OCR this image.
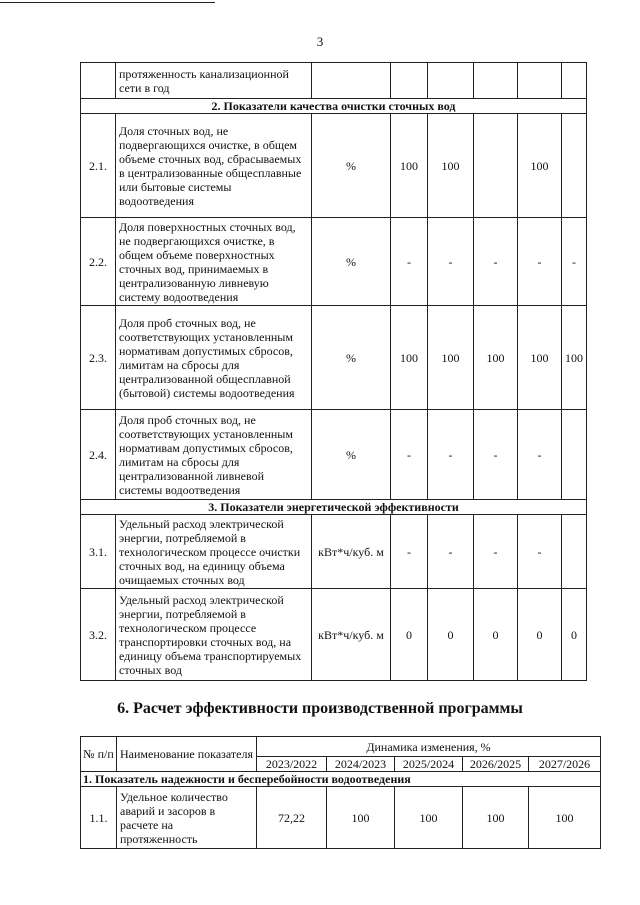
3
	протяженность канализационной сети в год						
2. Показатели качества очистки сточных вод							
2.1.	Доля сточных вод, не подвергающихся очистке, в общем объеме сточных вод, сбрасываемых в централизованные общесплавные или бытовые системы водоотведения	%	100	100		100	
2.2.	Доля поверхностных сточных вод, не подвергающихся очистке, в общем объеме поверхностных сточных вод, принимаемых в централизованную ливневую систему водоотведения	%	-	-	-	-	-
2.3.	Доля проб сточных вод, не соответствующих установленным нормативам допустимых сбросов, лимитам на сбросы для централизованной общесплавной (бытовой) системы водоотведения	%	100	100	100	100	100
2.4.	Доля проб сточных вод, не соответствующих установленным нормативам допустимых сбросов, лимитам на сбросы для централизованной ливневой системы водоотведения	%	-	-	-	-	
3. Показатели энергетической эффективности							
3.1.	Удельный расход электрической энергии, потребляемой в технологическом процессе очистки сточных вод, на единицу объема очищаемых сточных вод	кВт*ч/куб. м	-	-	-	-	
3.2.	Удельный расход электрической энергии, потребляемой в технологическом процессе транспортировки сточных вод, на единицу объема транспортируемых сточных вод	кВт*ч/куб. м	0	0	0	0	0
6. Расчет эффективности производственной программы
№ п/п	Наименование показателя	Динамика изменения, %				
		2023/2022	2024/2023	2025/2024	2026/2025	2027/2026
1. Показатель надежности и бесперебойности водоотведения						
1.1.	Удельное количество аварий и засоров в расчете на протяженность	72,22	100	100	100	100
